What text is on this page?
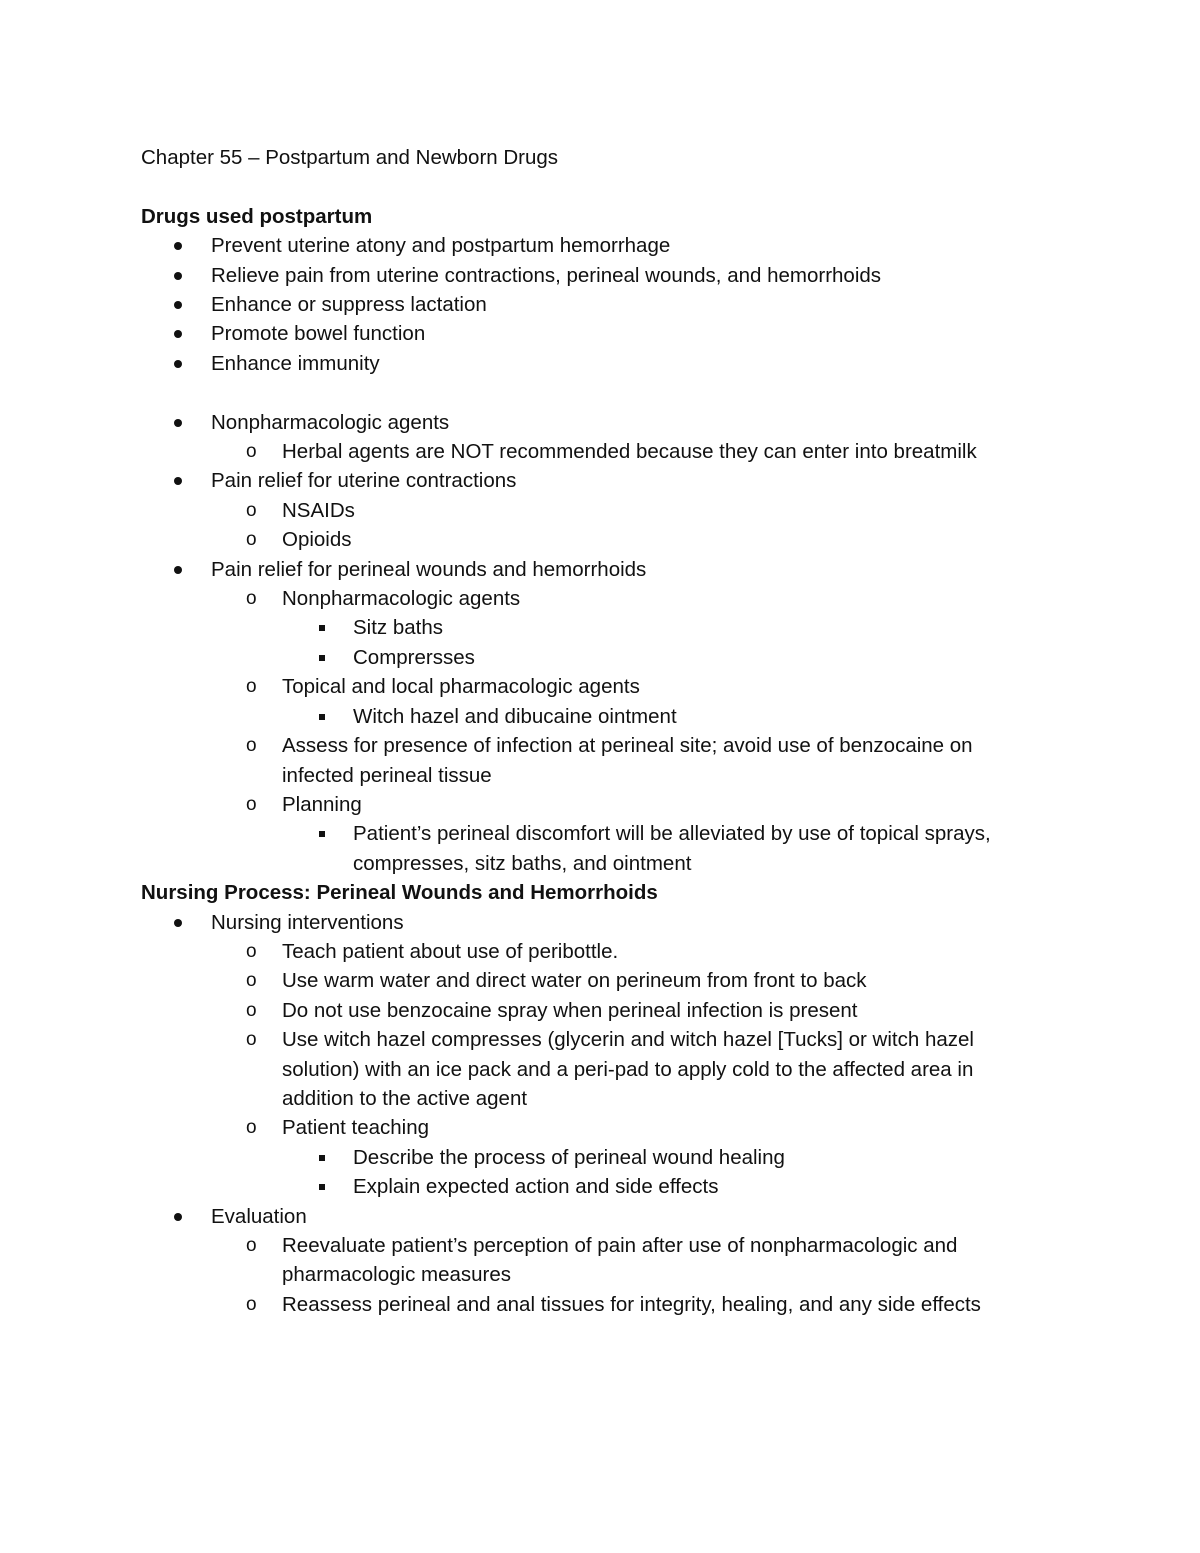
Chapter 55 – Postpartum and Newborn Drugs

Drugs used postpartum

Prevent uterine atony and postpartum hemorrhage
Relieve pain from uterine contractions, perineal wounds, and hemorrhoids
Enhance or suppress lactation
Promote bowel function
Enhance immunity
Nonpharmacologic agents
o Herbal agents are NOT recommended because they can enter into breatmilk
Pain relief for uterine contractions
o NSAIDs
o Opioids
Pain relief for perineal wounds and hemorrhoids
o Nonpharmacologic agents
Sitz baths
Comprersses
o Topical and local pharmacologic agents
Witch hazel and dibucaine ointment
o Assess for presence of infection at perineal site; avoid use of benzocaine on infected perineal tissue
o Planning
Patient’s perineal discomfort will be alleviated by use of topical sprays, compresses, sitz baths, and ointment

Nursing Process: Perineal Wounds and Hemorrhoids

Nursing interventions
o Teach patient about use of peribottle.
o Use warm water and direct water on perineum from front to back
o Do not use benzocaine spray when perineal infection is present
o Use witch hazel compresses (glycerin and witch hazel [Tucks] or witch hazel solution) with an ice pack and a peri-pad to apply cold to the affected area in addition to the active agent
o Patient teaching
Describe the process of perineal wound healing
Explain expected action and side effects
Evaluation
o Reevaluate patient’s perception of pain after use of nonpharmacologic and pharmacologic measures
o Reassess perineal and anal tissues for integrity, healing, and any side effects
